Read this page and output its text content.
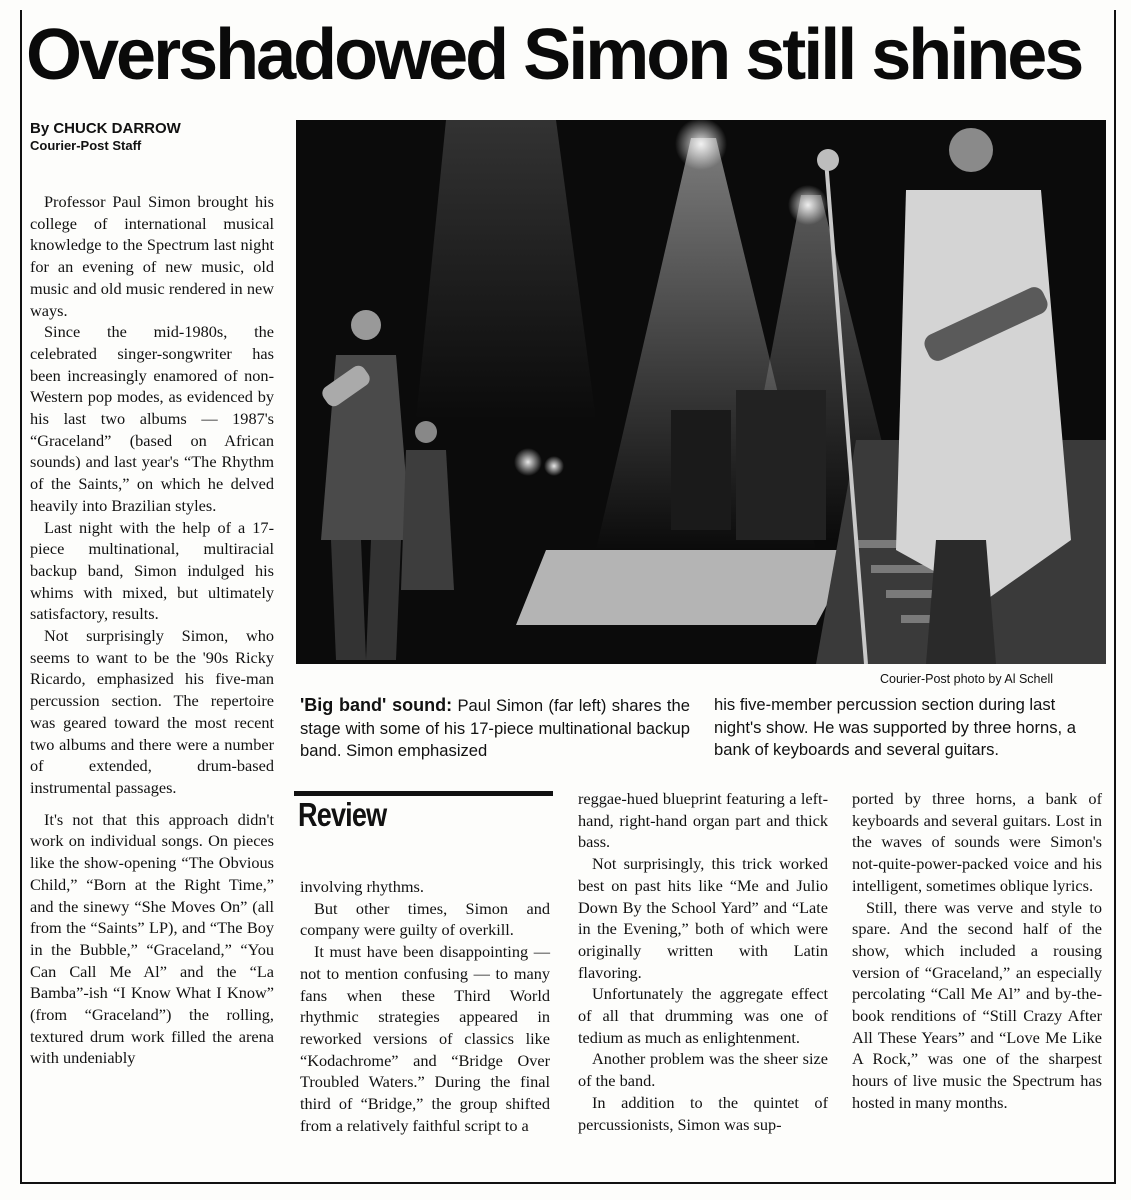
Overshadowed Simon still shines
By CHUCK DARROW
Courier-Post Staff

Professor Paul Simon brought his college of international musical knowledge to the Spectrum last night for an evening of new music, old music and old music rendered in new ways.

Since the mid-1980s, the celebrated singer-songwriter has been increasingly enamored of non-Western pop modes, as evidenced by his last two albums — 1987's “Graceland” (based on African sounds) and last year's “The Rhythm of the Saints,” on which he delved heavily into Brazilian styles.

Last night with the help of a 17-piece multinational, multiracial backup band, Simon indulged his whims with mixed, but ultimately satisfactory, results.

Not surprisingly Simon, who seems to want to be the '90s Ricky Ricardo, emphasized his five-man percussion section. The repertoire was geared toward the most recent two albums and there were a number of extended, drum-based instrumental passages.

It's not that this approach didn't work on individual songs. On pieces like the show-opening “The Obvious Child,” “Born at the Right Time,” and the sinewy “She Moves On” (all from the “Saints” LP), and “The Boy in the Bubble,” “Graceland,” “You Can Call Me Al” and the “La Bamba”-ish “I Know What I Know” (from “Graceland”) the rolling, textured drum work filled the arena with undeniably

Courier-Post photo by Al Schell
'Big band' sound: Paul Simon (far left) shares the stage with some of his 17-piece multinational backup band. Simon emphasized
his five-member percussion section during last night's show. He was supported by three horns, a bank of keyboards and several guitars.
Review

involving rhythms.

But other times, Simon and company were guilty of overkill.

It must have been disappointing — not to mention confusing — to many fans when these Third World rhythmic strategies appeared in reworked versions of classics like “Kodachrome” and “Bridge Over Troubled Waters.” During the final third of “Bridge,” the group shifted from a relatively faithful script to a

reggae-hued blueprint featuring a left-hand, right-hand organ part and thick bass.

Not surprisingly, this trick worked best on past hits like “Me and Julio Down By the School Yard” and “Late in the Evening,” both of which were originally written with Latin flavoring.

Unfortunately the aggregate effect of all that drumming was one of tedium as much as enlightenment.

Another problem was the sheer size of the band.

In addition to the quintet of percussionists, Simon was sup-

ported by three horns, a bank of keyboards and several guitars. Lost in the waves of sounds were Simon's not-quite-power-packed voice and his intelligent, sometimes oblique lyrics.

Still, there was verve and style to spare. And the second half of the show, which included a rousing version of “Graceland,” an especially percolating “Call Me Al” and by-the-book renditions of “Still Crazy After All These Years” and “Love Me Like A Rock,” was one of the sharpest hours of live music the Spectrum has hosted in many months.
